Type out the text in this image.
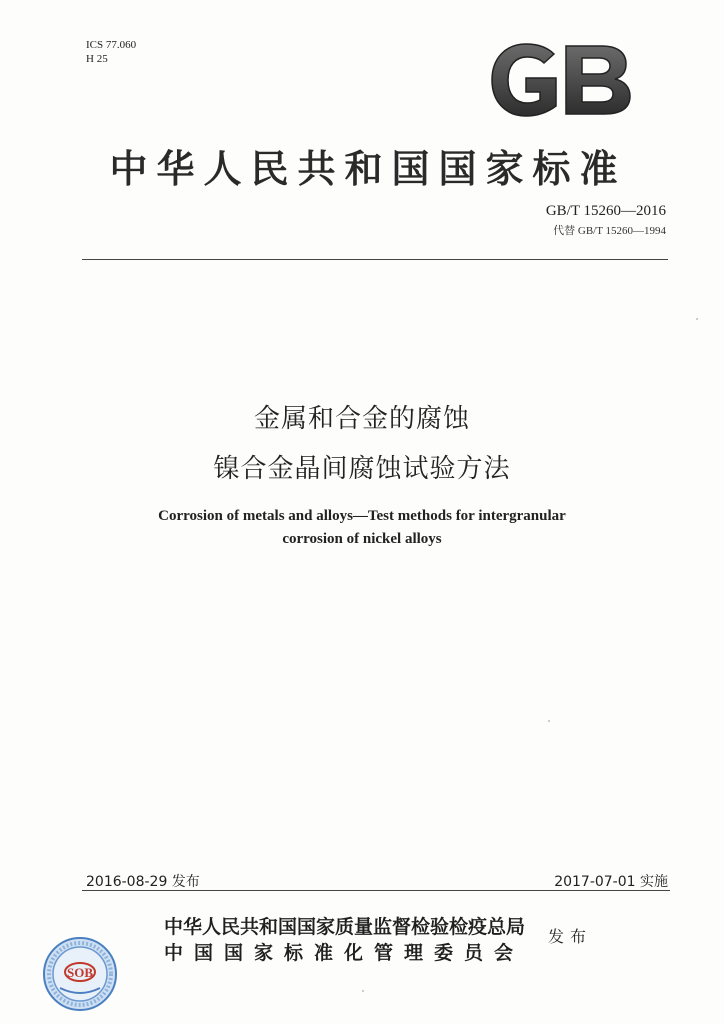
ICS 77.060
H 25
中华人民共和国国家标准
GB/T 15260—2016
代替 GB/T 15260—1994
金属和合金的腐蚀
镍合金晶间腐蚀试验方法
Corrosion of metals and alloys—Test methods for intergranular
corrosion of nickel alloys
2016-08-29 发布	2017-07-01 实施
中华人民共和国国家质量监督检验检疫总局
中国国家标准化管理委员会
发布
SOB
